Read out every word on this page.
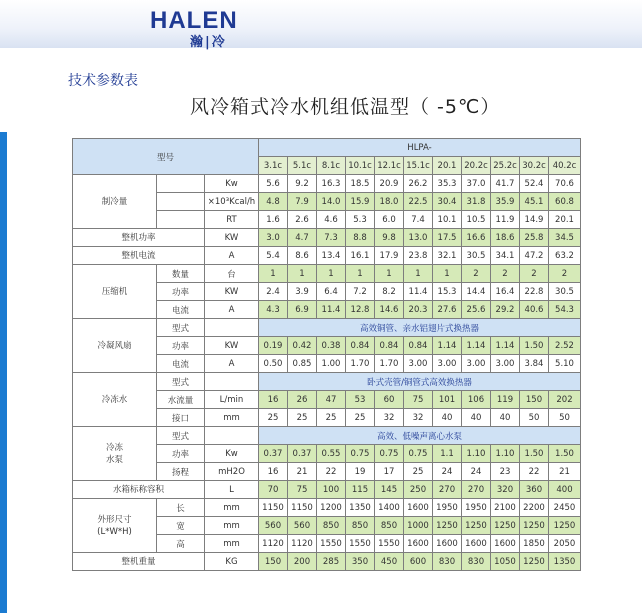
HALEN
瀚|冷
技术参数表
风冷箱式冷水机组低温型（ -5℃）
型号			HLPA-										
			3.1c	5.1c	8.1c	10.1c	12.1c	15.1c	20.1	20.2c	25.2c	30.2c	40.2c
制冷量		Kw	5.6	9.2	16.3	18.5	20.9	26.2	35.3	37.0	41.7	52.4	70.6
		×10³Kcal/h	4.8	7.9	14.0	15.9	18.0	22.5	30.4	31.8	35.9	45.1	60.8
		RT	1.6	2.6	4.6	5.3	6.0	7.4	10.1	10.5	11.9	14.9	20.1
整机功率		KW	3.0	4.7	7.3	8.8	9.8	13.0	17.5	16.6	18.6	25.8	34.5
整机电流		A	5.4	8.6	13.4	16.1	17.9	23.8	32.1	30.5	34.1	47.2	63.2
压缩机	数量	台	1	1	1	1	1	1	1	2	2	2	2
	功率	KW	2.4	3.9	6.4	7.2	8.2	11.4	15.3	14.4	16.4	22.8	30.5
	电流	A	4.3	6.9	11.4	12.8	14.6	20.3	27.6	25.6	29.2	40.6	54.3
冷凝风扇	型式		高效铜管、亲水铝翅片式换热器										
	功率	KW	0.19	0.42	0.38	0.84	0.84	0.84	1.14	1.14	1.14	1.50	2.52
	电流	A	0.50	0.85	1.00	1.70	1.70	3.00	3.00	3.00	3.00	3.84	5.10
冷冻水	型式		卧式壳管/铜管式高效换热器										
	水流量	L/min	16	26	47	53	60	75	101	106	119	150	202
	接口	mm	25	25	25	25	32	32	40	40	40	50	50
冷冻
水泵	型式		高效、低噪声离心水泵										
	功率	Kw	0.37	0.37	0.55	0.75	0.75	0.75	1.1	1.10	1.10	1.50	1.50
	扬程	mH2O	16	21	22	19	17	25	24	24	23	22	21
水箱标称容积		L	70	75	100	115	145	250	270	270	320	360	400
外形尺寸
(L*W*H)	长	mm	1150	1150	1200	1350	1400	1600	1950	1950	2100	2200	2450
	宽	mm	560	560	850	850	850	1000	1250	1250	1250	1250	1250
	高	mm	1120	1120	1550	1550	1550	1600	1600	1600	1600	1850	2050
整机重量		KG	150	200	285	350	450	600	830	830	1050	1250	1350
